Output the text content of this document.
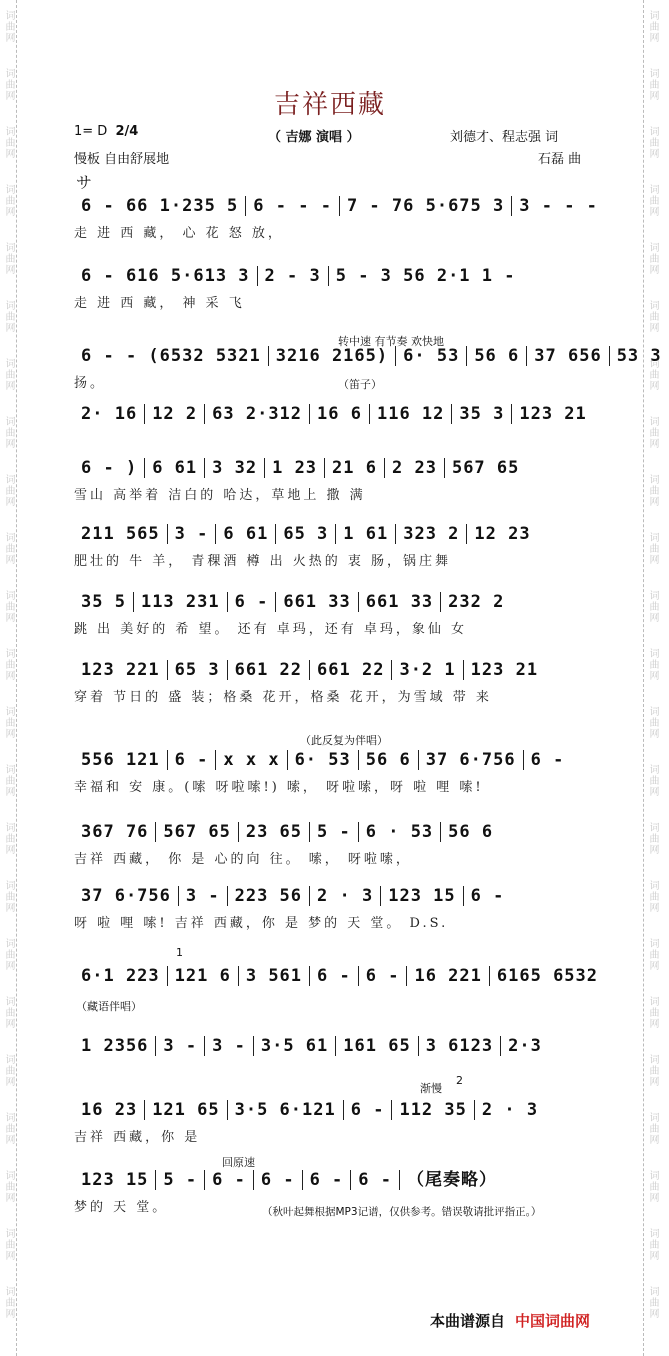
词曲网
词曲网
词曲网
词曲网
词曲网
词曲网
词曲网
词曲网
词曲网
词曲网
词曲网
词曲网
词曲网
词曲网
词曲网
词曲网
词曲网
词曲网
词曲网
词曲网
词曲网
词曲网
词曲网
词曲网
词曲网
词曲网
词曲网
词曲网
词曲网
词曲网
词曲网
词曲网
词曲网
词曲网
词曲网
词曲网
词曲网
词曲网
词曲网
词曲网
词曲网
词曲网
词曲网
词曲网
词曲网
词曲网
吉祥西藏
1= D 2/4	（ 吉娜 演唱 ）	刘德才、程志强 词
慢板 自由舒展地	石磊 曲
サ
6 - 66 1·235 5 6 - - - 7 - 76 5·675 3 3 - - -
走 进 西 藏， 心 花 怒 放，
6 - 616 5·613 3 2 - 3 5 - 3 56 2·1 1 -
走 进 西 藏， 神 采 飞
6 - - (6532 5321 3216 2165) 6· 53 56 6 37 656 53 3
扬。
2· 16 12 2 63 2·312 16 6 116 12 35 3 123 21
6 - ) 6 61 3 32 1 23 21 6 2 23 567 65
雪山 高举着 洁白的 哈达，草地上 撒 满
211 565 3 - 6 61 65 3 1 61 323 2 12 23
肥壮的 牛 羊， 青稞酒 樽 出 火热的 衷 肠，锅庄舞
35 5 113 231 6 - 661 33 661 33 232 2
跳 出 美好的 希 望。 还有 卓玛，还有 卓玛，象仙 女
123 221 65 3 661 22 661 22 3·2 1 123 21
穿着 节日的 盛 装；格桑 花开，格桑 花开，为雪域 带 来
556 121 6 - x x x 6· 53 56 6 37 6·756 6 -
幸福和 安 康。(嗦 呀啦嗦!) 嗦， 呀啦嗦，呀 啦 哩 嗦!
367 76 567 65 23 65 5 - 6 · 53 56 6
吉祥 西藏， 你 是 心的向 往。 嗦， 呀啦嗦，
37 6·756 3 - 223 56 2 · 3 123 15 6 -
呀 啦 哩 嗦! 吉祥 西藏，你 是 梦的 天 堂。 D.S.
6·1 223 121 6 3 561 6 - 6 - 16 221 6165 6532
1 2356 3 - 3 - 3·5 61 161 65 3 6123 2·3
16 23 121 65 3·5 6·121 6 - 112 35 2 · 3
吉祥 西藏，你 是
123 15 5 - 6 - 6 - 6 - 6 - （尾奏略）
梦的 天 堂。
转中速 有节奏 欢快地
（笛子）
（此反复为伴唱）
（藏语伴唱）
渐慢
回原速
1
2
（秋叶起舞根据MP3记谱，仅供参考。错误敬请批评指正。）
本曲谱源自 中国词曲网
